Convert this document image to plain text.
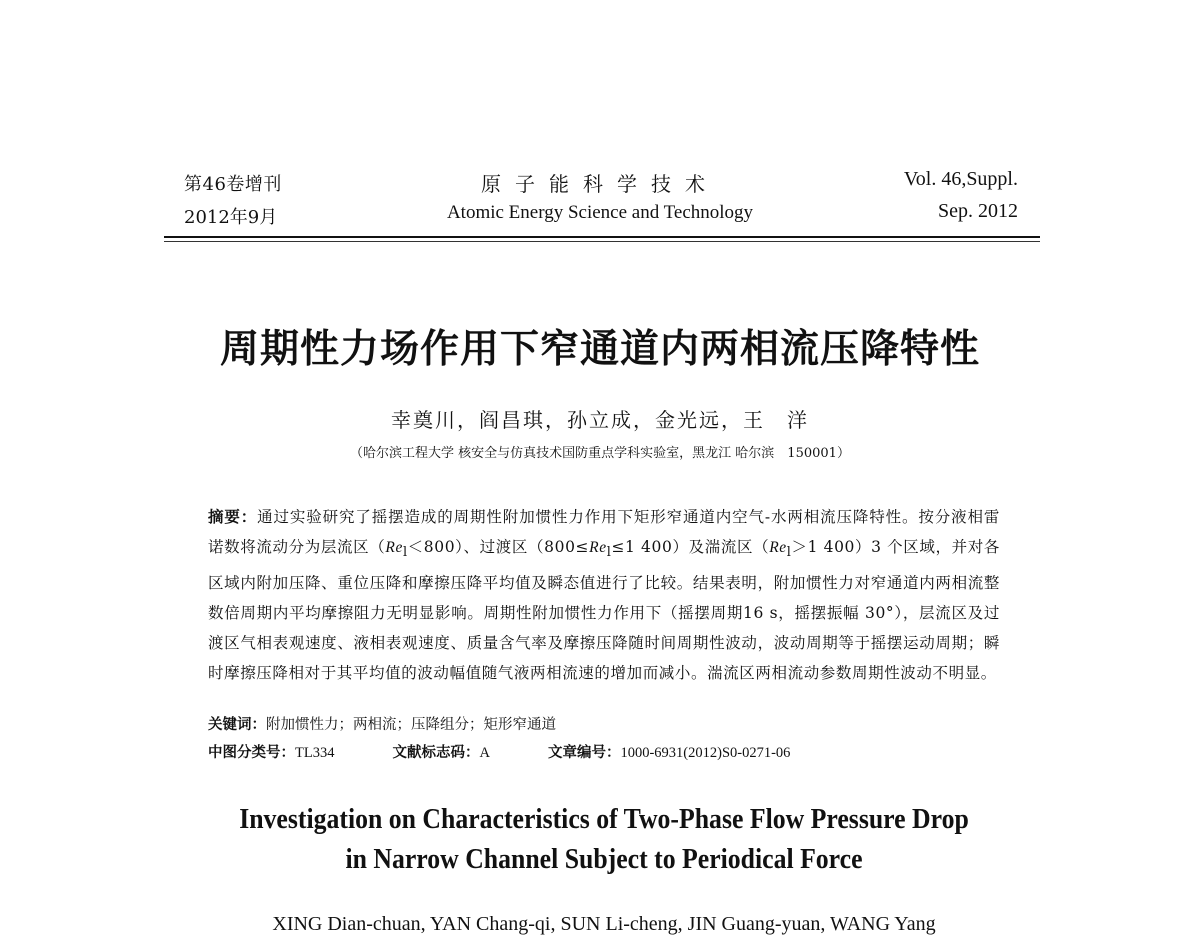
第46卷增刊
2012年9月
原子能科学技术
Atomic Energy Science and Technology
Vol. 46,Suppl.
Sep. 2012
周期性力场作用下窄通道内两相流压降特性
幸奠川，阎昌琪，孙立成，金光远，王　洋
（哈尔滨工程大学 核安全与仿真技术国防重点学科实验室，黑龙江 哈尔滨　150001）
摘要：通过实验研究了摇摆造成的周期性附加惯性力作用下矩形窄通道内空气-水两相流压降特性。按分液相雷诺数将流动分为层流区$(Re_l<800)$、过渡区（$800\le Re_l\le 1$ 400）及湍流区（$Re_l>1$ 400）3 个区域，并对各区域内附加压降、重位压降和摩擦压降平均值及瞬态值进行了比较。结果表明，附加惯性力对窄通道内两相流整数倍周期内平均摩擦阻力无明显影响。周期性附加惯性力作用下（摇摆周期16 s，摇摆振幅 30°），层流区及过渡区气相表观速度、液相表观速度、质量含气率及摩擦压降随时间周期性波动，波动周期等于摇摆运动周期；瞬时摩擦压降相对于其平均值的波动幅值随气液两相流速的增加而减小。湍流区两相流动参数周期性波动不明显。
关键词：附加惯性力；两相流；压降组分；矩形窄通道
中图分类号：TL334	文献标志码：A	文章编号：1000-6931(2012)S0-0271-06
Investigation on Characteristics of Two-Phase Flow Pressure Drop
in Narrow Channel Subject to Periodical Force
XING Dian-chuan, YAN Chang-qi, SUN Li-cheng, JIN Guang-yuan, WANG Yang
